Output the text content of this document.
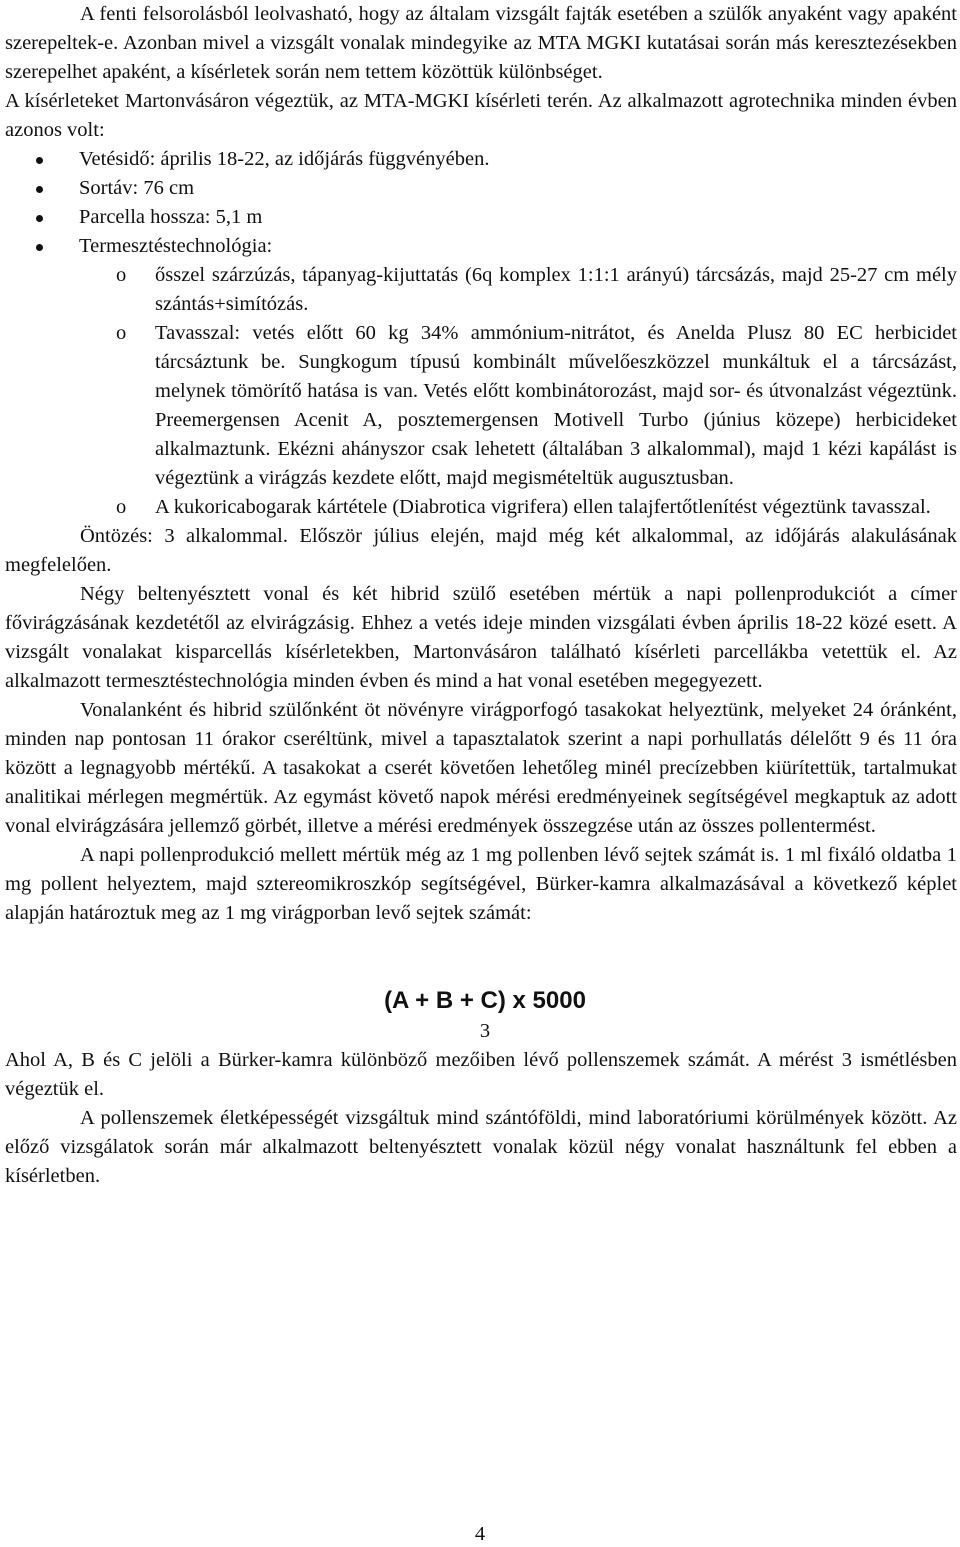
A fenti felsorolásból leolvasható, hogy az általam vizsgált fajták esetében a szülők anyaként vagy apaként szerepeltek-e. Azonban mivel a vizsgált vonalak mindegyike az MTA MGKI kutatásai során más keresztezésekben szerepelhet apaként, a kísérletek során nem tettem közöttük különbséget.

A kísérleteket Martonvásáron végeztük, az MTA-MGKI kísérleti terén. Az alkalmazott agrotechnika minden évben azonos volt:

Vetésidő: április 18-22, az időjárás függvényében.
Sortáv: 76 cm
Parcella hossza: 5,1 m
Termesztéstechnológia:
o ősszel szárzúzás, tápanyag-kijuttatás (6q komplex 1:1:1 arányú) tárcsázás, majd 25-27 cm mély szántás+simítózás.
o Tavasszal: vetés előtt 60 kg 34% ammónium-nitrátot, és Anelda Plusz 80 EC herbicidet tárcsáztunk be. Sungkogum típusú kombinált művelőeszközzel munkáltuk el a tárcsázást, melynek tömörítő hatása is van. Vetés előtt kombinátorozást, majd sor- és útvonalzást végeztünk. Preemergensen Acenit A, posztemergensen Motivell Turbo (június közepe) herbicideket alkalmaztunk. Ekézni ahányszor csak lehetett (általában 3 alkalommal), majd 1 kézi kapálást is végeztünk a virágzás kezdete előtt, majd megismételtük augusztusban.
o A kukoricabogarak kártétele (Diabrotica vigrifera) ellen talajfertőtlenítést végeztünk tavasszal.

Öntözés: 3 alkalommal. Először július elején, majd még két alkalommal, az időjárás alakulásának megfelelően.

Négy beltenyésztett vonal és két hibrid szülő esetében mértük a napi pollenprodukciót a címer fővirágzásának kezdetétől az elvirágzásig. Ehhez a vetés ideje minden vizsgálati évben április 18-22 közé esett. A vizsgált vonalakat kisparcellás kísérletekben, Martonvásáron található kísérleti parcellákba vetettük el. Az alkalmazott termesztéstechnológia minden évben és mind a hat vonal esetében megegyezett.

Vonalanként és hibrid szülőnként öt növényre virágporfogó tasakokat helyeztünk, melyeket 24 óránként, minden nap pontosan 11 órakor cseréltünk, mivel a tapasztalatok szerint a napi porhullatás délelőtt 9 és 11 óra között a legnagyobb mértékű. A tasakokat a cserét követően lehetőleg minél precízebben kiürítettük, tartalmukat analitikai mérlegen megmértük. Az egymást követő napok mérési eredményeinek segítségével megkaptuk az adott vonal elvirágzására jellemző görbét, illetve a mérési eredmények összegzése után az összes pollentermést.

A napi pollenprodukció mellett mértük még az 1 mg pollenben lévő sejtek számát is. 1 ml fixáló oldatba 1 mg pollent helyeztem, majd sztereomikroszkóp segítségével, Bürker-kamra alkalmazásával a következő képlet alapján határoztuk meg az 1 mg virágporban levő sejtek számát:

(A + B + C) x 5000
3

Ahol A, B és C jelöli a Bürker-kamra különböző mezőiben lévő pollenszemek számát. A mérést 3 ismétlésben végeztük el.

A pollenszemek életképességét vizsgáltuk mind szántóföldi, mind laboratóriumi körülmények között. Az előző vizsgálatok során már alkalmazott beltenyésztett vonalak közül négy vonalat használtunk fel ebben a kísérletben.

4
